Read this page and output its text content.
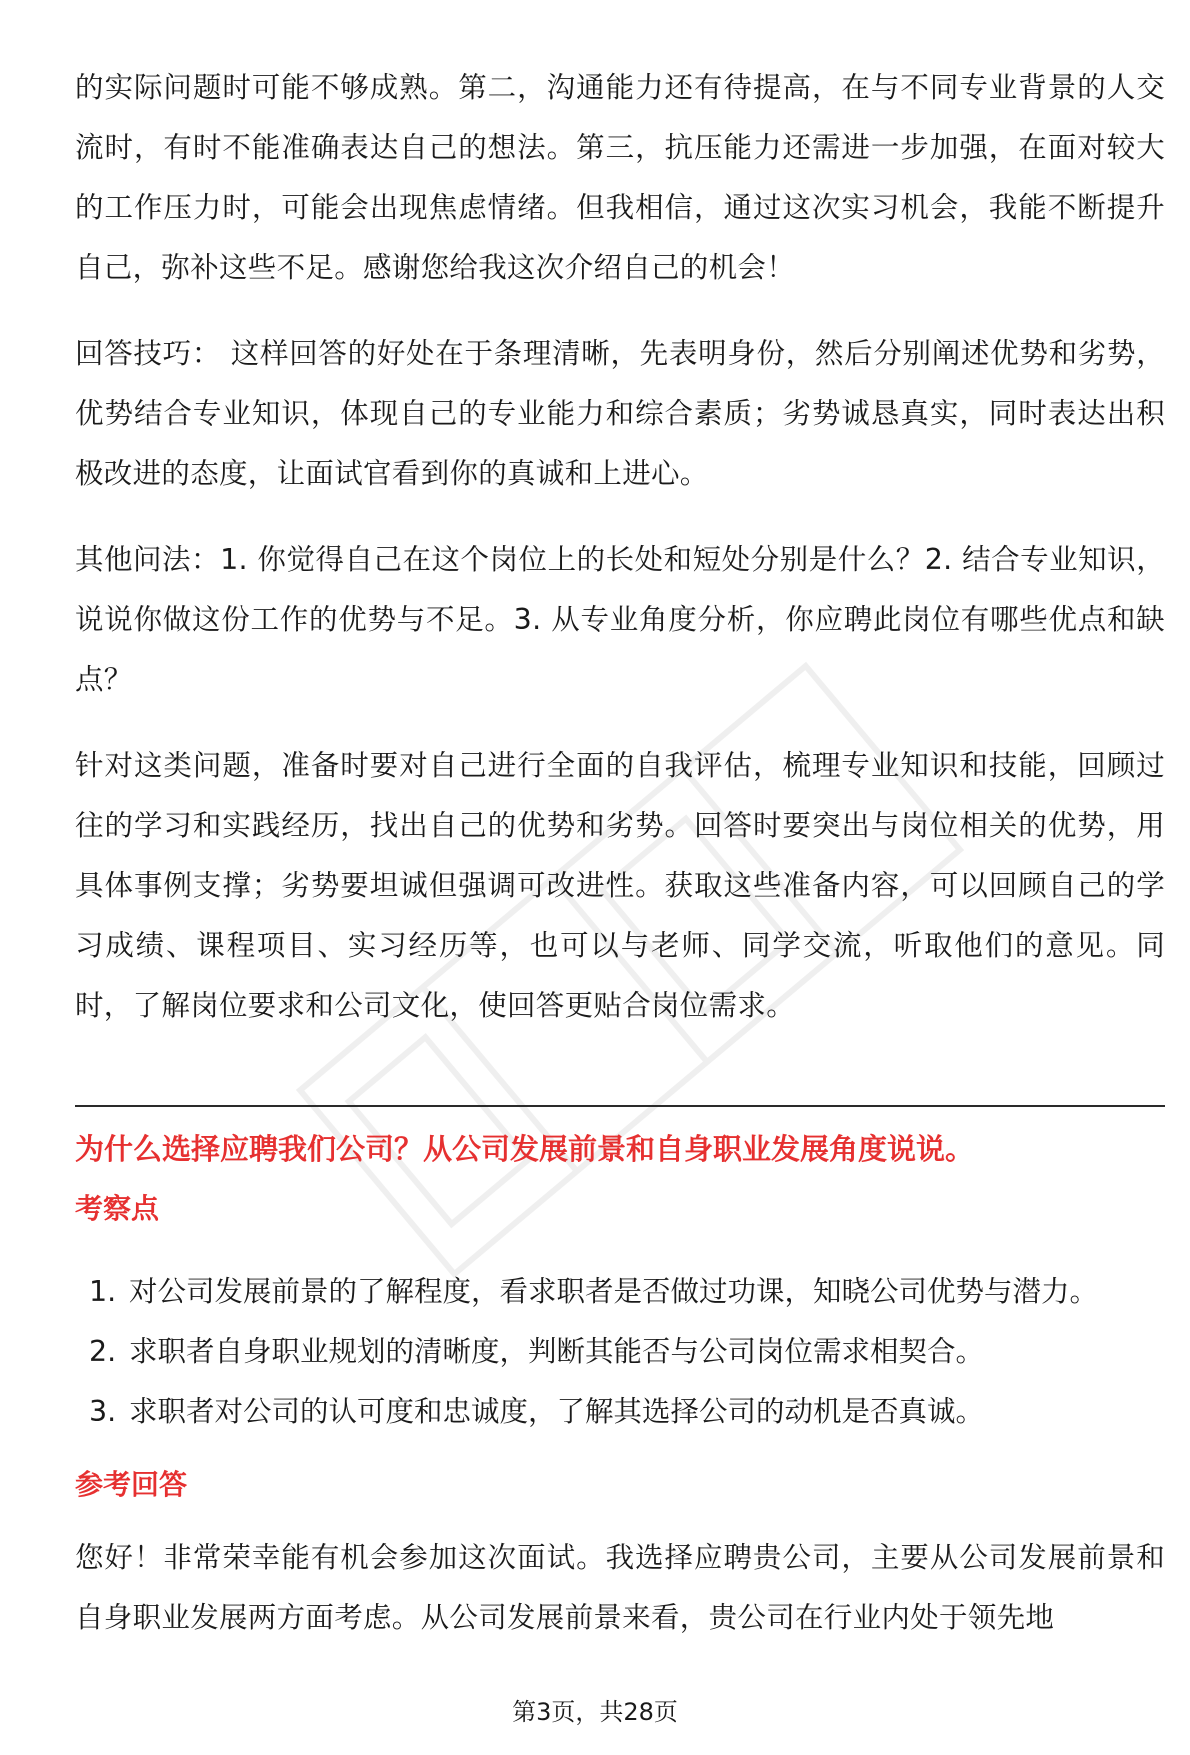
的实际问题时可能不够成熟。第二，沟通能力还有待提高，在与不同专业背景的人交流时，有时不能准确表达自己的想法。第三，抗压能力还需进一步加强，在面对较大的工作压力时，可能会出现焦虑情绪。但我相信，通过这次实习机会，我能不断提升自己，弥补这些不足。感谢您给我这次介绍自己的机会！

回答技巧： 这样回答的好处在于条理清晰，先表明身份，然后分别阐述优势和劣势，优势结合专业知识，体现自己的专业能力和综合素质；劣势诚恳真实，同时表达出积极改进的态度，让面试官看到你的真诚和上进心。

其他问法：1. 你觉得自己在这个岗位上的长处和短处分别是什么？2. 结合专业知识，说说你做这份工作的优势与不足。3. 从专业角度分析，你应聘此岗位有哪些优点和缺点？

针对这类问题，准备时要对自己进行全面的自我评估，梳理专业知识和技能，回顾过往的学习和实践经历，找出自己的优势和劣势。回答时要突出与岗位相关的优势，用具体事例支撑；劣势要坦诚但强调可改进性。获取这些准备内容，可以回顾自己的学习成绩、课程项目、实习经历等，也可以与老师、同学交流，听取他们的意见。同时，了解岗位要求和公司文化，使回答更贴合岗位需求。

为什么选择应聘我们公司？从公司发展前景和自身职业发展角度说说。
考察点
1. 对公司发展前景的了解程度，看求职者是否做过功课，知晓公司优势与潜力。
2. 求职者自身职业规划的清晰度，判断其能否与公司岗位需求相契合。
3. 求职者对公司的认可度和忠诚度，了解其选择公司的动机是否真诚。
参考回答

您好！非常荣幸能有机会参加这次面试。我选择应聘贵公司，主要从公司发展前景和自身职业发展两方面考虑。从公司发展前景来看，贵公司在行业内处于领先地

第3页，共28页
